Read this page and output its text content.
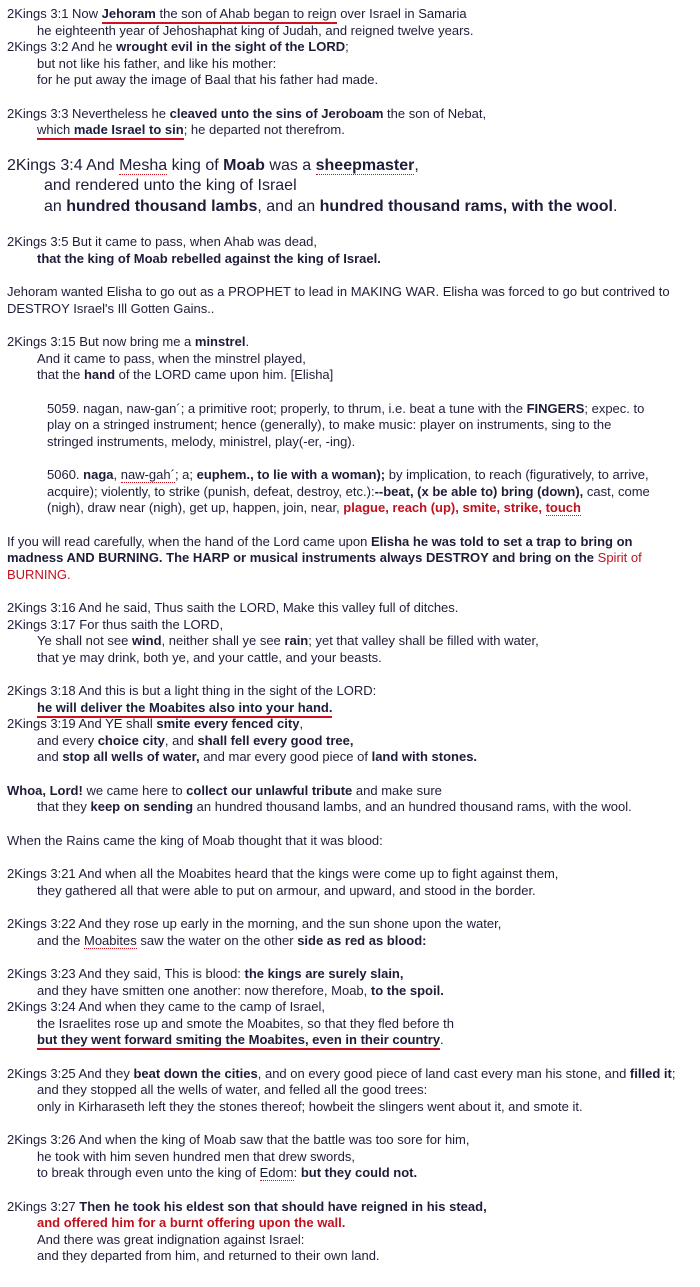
2Kings 3:1 Now Jehoram the son of Ahab began to reign over Israel in Samaria
he eighteenth year of Jehoshaphat king of Judah, and reigned twelve years.
2Kings 3:2 And he wrought evil in the sight of the LORD;
but not like his father, and like his mother:
for he put away the image of Baal that his father had made.
2Kings 3:3 Nevertheless he cleaved unto the sins of Jeroboam the son of Nebat,
which made Israel to sin; he departed not therefrom.
2Kings 3:4 And Mesha king of Moab was a sheepmaster,
and rendered unto the king of Israel
an hundred thousand lambs, and an hundred thousand rams, with the wool.
2Kings 3:5 But it came to pass, when Ahab was dead,
that the king of Moab rebelled against the king of Israel.
Jehoram wanted Elisha to go out as a PROPHET to lead in MAKING WAR. Elisha was forced to go but contrived to DESTROY Israel's Ill Gotten Gains..
2Kings 3:15 But now bring me a minstrel.
And it came to pass, when the minstrel played,
that the hand of the LORD came upon him. [Elisha]
5059. nagan, naw-gan´; a primitive root; properly, to thrum, i.e. beat a tune with the FINGERS; expec. to play on a stringed instrument; hence (generally), to make music: player on instruments, sing to the stringed instruments, melody, ministrel, play(-er, -ing).
5060. naga, naw-gah´; a; euphem., to lie with a woman); by implication, to reach (figuratively, to arrive, acquire); violently, to strike (punish, defeat, destroy, etc.):--beat, (x be able to) bring (down), cast, come (nigh), draw near (nigh), get up, happen, join, near, plague, reach (up), smite, strike, touch
If you will read carefully, when the hand of the Lord came upon Elisha he was told to set a trap to bring on madness AND BURNING. The HARP or musical instruments always DESTROY and bring on the Spirit of BURNING.
2Kings 3:16 And he said, Thus saith the LORD, Make this valley full of ditches.
2Kings 3:17 For thus saith the LORD,
Ye shall not see wind, neither shall ye see rain; yet that valley shall be filled with water,
that ye may drink, both ye, and your cattle, and your beasts.
2Kings 3:18 And this is but a light thing in the sight of the LORD:
he will deliver the Moabites also into your hand.
2Kings 3:19 And YE shall smite every fenced city,
and every choice city, and shall fell every good tree,
and stop all wells of water, and mar every good piece of land with stones.
Whoa, Lord! we came here to collect our unlawful tribute and make sure
that they keep on sending an hundred thousand lambs, and an hundred thousand rams, with the wool.
When the Rains came the king of Moab thought that it was blood:
2Kings 3:21 And when all the Moabites heard that the kings were come up to fight against them,
they gathered all that were able to put on armour, and upward, and stood in the border.
2Kings 3:22 And they rose up early in the morning, and the sun shone upon the water,
and the Moabites saw the water on the other side as red as blood:
2Kings 3:23 And they said, This is blood: the kings are surely slain,
and they have smitten one another: now therefore, Moab, to the spoil.
2Kings 3:24 And when they came to the camp of Israel,
the Israelites rose up and smote the Moabites, so that they fled before th
but they went forward smiting the Moabites, even in their country.
2Kings 3:25 And they beat down the cities, and on every good piece of land cast every man his stone, and filled it;
and they stopped all the wells of water, and felled all the good trees:
only in Kirharaseth left they the stones thereof; howbeit the slingers went about it, and smote it.
2Kings 3:26 And when the king of Moab saw that the battle was too sore for him,
he took with him seven hundred men that drew swords,
to break through even unto the king of Edom: but they could not.
2Kings 3:27 Then he took his eldest son that should have reigned in his stead,
and offered him for a burnt offering upon the wall.
And there was great indignation against Israel:
and they departed from him, and returned to their own land.
